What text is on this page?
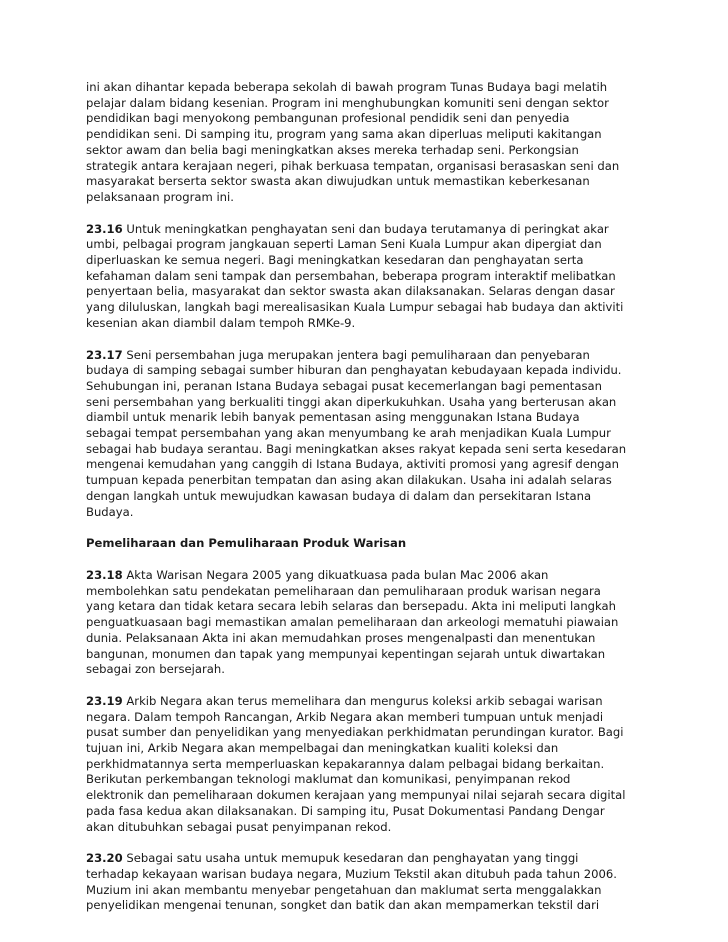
ini akan dihantar kepada beberapa sekolah di bawah program Tunas Budaya bagi melatih
pelajar dalam bidang kesenian. Program ini menghubungkan komuniti seni dengan sektor
pendidikan bagi menyokong pembangunan profesional pendidik seni dan penyedia
pendidikan seni. Di samping itu, program yang sama akan diperluas meliputi kakitangan
sektor awam dan belia bagi meningkatkan akses mereka terhadap seni. Perkongsian
strategik antara kerajaan negeri, pihak berkuasa tempatan, organisasi berasaskan seni dan
masyarakat berserta sektor swasta akan diwujudkan untuk memastikan keberkesanan
pelaksanaan program ini.

23.16 Untuk meningkatkan penghayatan seni dan budaya terutamanya di peringkat akar
umbi, pelbagai program jangkauan seperti Laman Seni Kuala Lumpur akan dipergiat dan
diperluaskan ke semua negeri. Bagi meningkatkan kesedaran dan penghayatan serta
kefahaman dalam seni tampak dan persembahan, beberapa program interaktif melibatkan
penyertaan belia, masyarakat dan sektor swasta akan dilaksanakan. Selaras dengan dasar
yang diluluskan, langkah bagi merealisasikan Kuala Lumpur sebagai hab budaya dan aktiviti
kesenian akan diambil dalam tempoh RMKe-9.

23.17 Seni persembahan juga merupakan jentera bagi pemuliharaan dan penyebaran
budaya di samping sebagai sumber hiburan dan penghayatan kebudayaan kepada individu.
Sehubungan ini, peranan Istana Budaya sebagai pusat kecemerlangan bagi pementasan
seni persembahan yang berkualiti tinggi akan diperkukuhkan. Usaha yang berterusan akan
diambil untuk menarik lebih banyak pementasan asing menggunakan Istana Budaya
sebagai tempat persembahan yang akan menyumbang ke arah menjadikan Kuala Lumpur
sebagai hab budaya serantau. Bagi meningkatkan akses rakyat kepada seni serta kesedaran
mengenai kemudahan yang canggih di Istana Budaya, aktiviti promosi yang agresif dengan
tumpuan kepada penerbitan tempatan dan asing akan dilakukan. Usaha ini adalah selaras
dengan langkah untuk mewujudkan kawasan budaya di dalam dan persekitaran Istana
Budaya.

Pemeliharaan dan Pemuliharaan Produk Warisan

23.18 Akta Warisan Negara 2005 yang dikuatkuasa pada bulan Mac 2006 akan
membolehkan satu pendekatan pemeliharaan dan pemuliharaan produk warisan negara
yang ketara dan tidak ketara secara lebih selaras dan bersepadu. Akta ini meliputi langkah
penguatkuasaan bagi memastikan amalan pemeliharaan dan arkeologi mematuhi piawaian
dunia. Pelaksanaan Akta ini akan memudahkan proses mengenalpasti dan menentukan
bangunan, monumen dan tapak yang mempunyai kepentingan sejarah untuk diwartakan
sebagai zon bersejarah.

23.19 Arkib Negara akan terus memelihara dan mengurus koleksi arkib sebagai warisan
negara. Dalam tempoh Rancangan, Arkib Negara akan memberi tumpuan untuk menjadi
pusat sumber dan penyelidikan yang menyediakan perkhidmatan perundingan kurator. Bagi
tujuan ini, Arkib Negara akan mempelbagai dan meningkatkan kualiti koleksi dan
perkhidmatannya serta memperluaskan kepakarannya dalam pelbagai bidang berkaitan.
Berikutan perkembangan teknologi maklumat dan komunikasi, penyimpanan rekod
elektronik dan pemeliharaan dokumen kerajaan yang mempunyai nilai sejarah secara digital
pada fasa kedua akan dilaksanakan. Di samping itu, Pusat Dokumentasi Pandang Dengar
akan ditubuhkan sebagai pusat penyimpanan rekod.

23.20 Sebagai satu usaha untuk memupuk kesedaran dan penghayatan yang tinggi
terhadap kekayaan warisan budaya negara, Muzium Tekstil akan ditubuh pada tahun 2006.
Muzium ini akan membantu menyebar pengetahuan dan maklumat serta menggalakkan
penyelidikan mengenai tenunan, songket dan batik dan akan mempamerkan tekstil dari
